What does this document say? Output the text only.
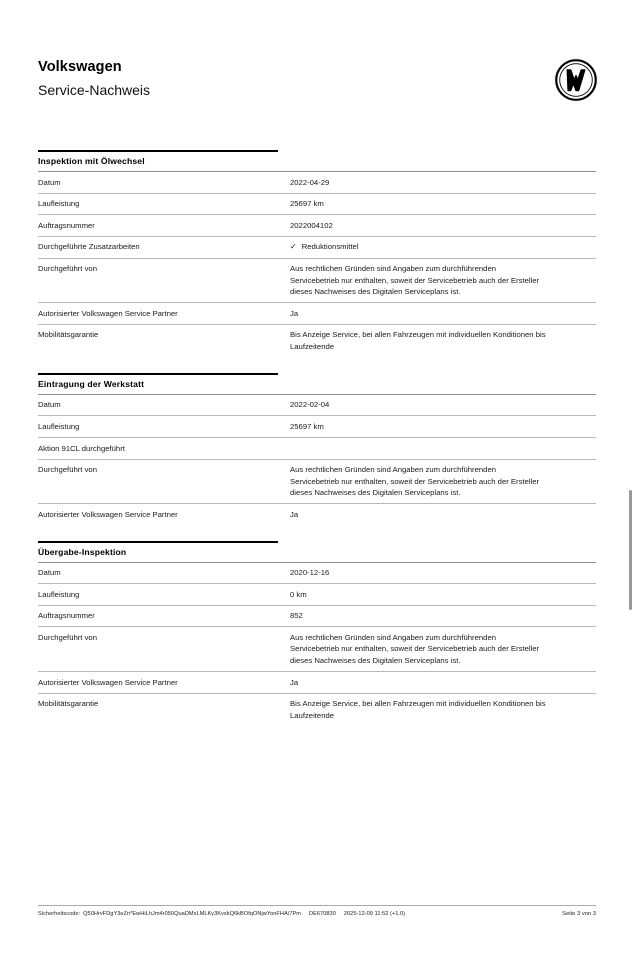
Volkswagen
Service-Nachweis
Inspektion mit Ölwechsel
Datum	2022-04-29
Laufleistung	25697 km
Auftragsnummer	2022004102
Durchgeführte Zusatzarbeiten	✓ Reduktionsmittel
Durchgeführt von	Aus rechtlichen Gründen sind Angaben zum durchführenden
Servicebetrieb nur enthalten, soweit der Servicebetrieb auch der Ersteller
dieses Nachweises des Digitalen Serviceplans ist.

Autorisierter Volkswagen Service Partner	Ja
Mobilitätsgarantie	Bis Anzeige Service, bei allen Fahrzeugen mit individuellen Konditionen bis
Laufzeitende
Eintragung der Werkstatt
Datum	2022-02-04
Laufleistung	25697 km
Aktion 91CL durchgeführt	
Durchgeführt von	Aus rechtlichen Gründen sind Angaben zum durchführenden
Servicebetrieb nur enthalten, soweit der Servicebetrieb auch der Ersteller
dieses Nachweises des Digitalen Serviceplans ist.

Autorisierter Volkswagen Service Partner	Ja
Übergabe-Inspektion
Datum	2020-12-16
Laufleistung	0 km
Auftragsnummer	852
Durchgeführt von	Aus rechtlichen Gründen sind Angaben zum durchführenden
Servicebetrieb nur enthalten, soweit der Servicebetrieb auch der Ersteller
dieses Nachweises des Digitalen Serviceplans ist.

Autorisierter Volkswagen Service Partner	Ja
Mobilitätsgarantie	Bis Anzeige Service, bei allen Fahrzeugen mit individuellen Konditionen bis
Laufzeitende
Sicherheitscode: Q50HrvFDgY3eZn*EwHiLhJm4r050QuaDMxLMLKy3KvxkQ6kBOfqONjwYonFHA/7Pm DE670830 2025-12-09 11:52 (+1.0)	Seite 3 von 3
